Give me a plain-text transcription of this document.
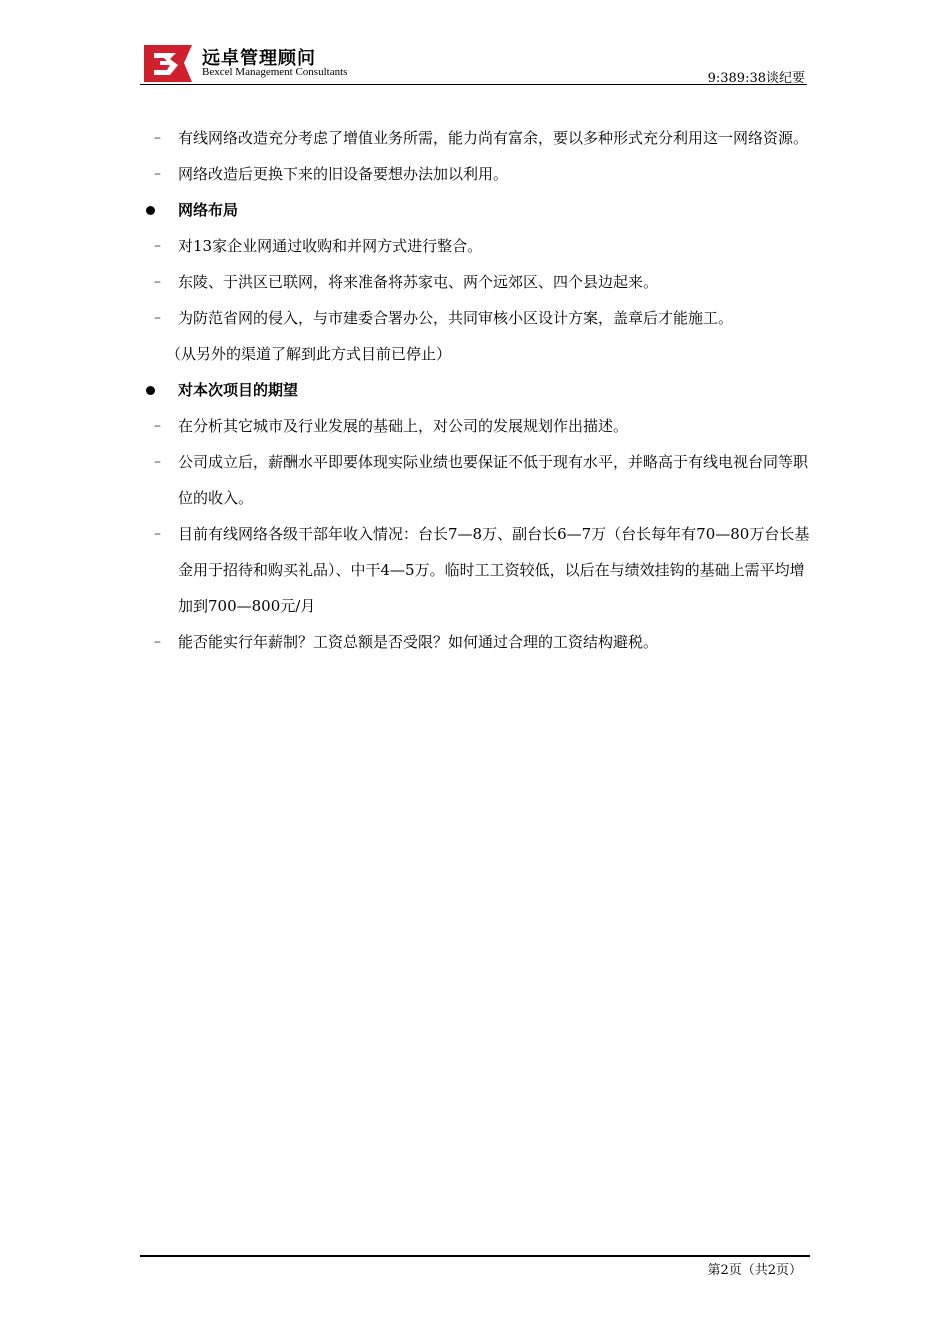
远卓管理顾问
Bexcel Management Consultants	9:389:38谈纪要
– 有线网络改造充分考虑了增值业务所需，能力尚有富余，要以多种形式充分利用这一网络资源。
– 网络改造后更换下来的旧设备要想办法加以利用。
网络布局
– 对13家企业网通过收购和并网方式进行整合。
– 东陵、于洪区已联网，将来准备将苏家屯、两个远郊区、四个县边起来。
– 为防范省网的侵入，与市建委合署办公，共同审核小区设计方案，盖章后才能施工。
（从另外的渠道了解到此方式目前已停止）
对本次项目的期望
– 在分析其它城市及行业发展的基础上，对公司的发展规划作出描述。
– 公司成立后，薪酬水平即要体现实际业绩也要保证不低于现有水平，并略高于有线电视台同等职位的收入。
– 目前有线网络各级干部年收入情况：台长7—8万、副台长6—7万（台长每年有70—80万台长基金用于招待和购买礼品）、中干4—5万。临时工工资较低，以后在与绩效挂钩的基础上需平均增加到700—800元/月
– 能否能实行年薪制？工资总额是否受限？如何通过合理的工资结构避税。
第2页（共2页）
